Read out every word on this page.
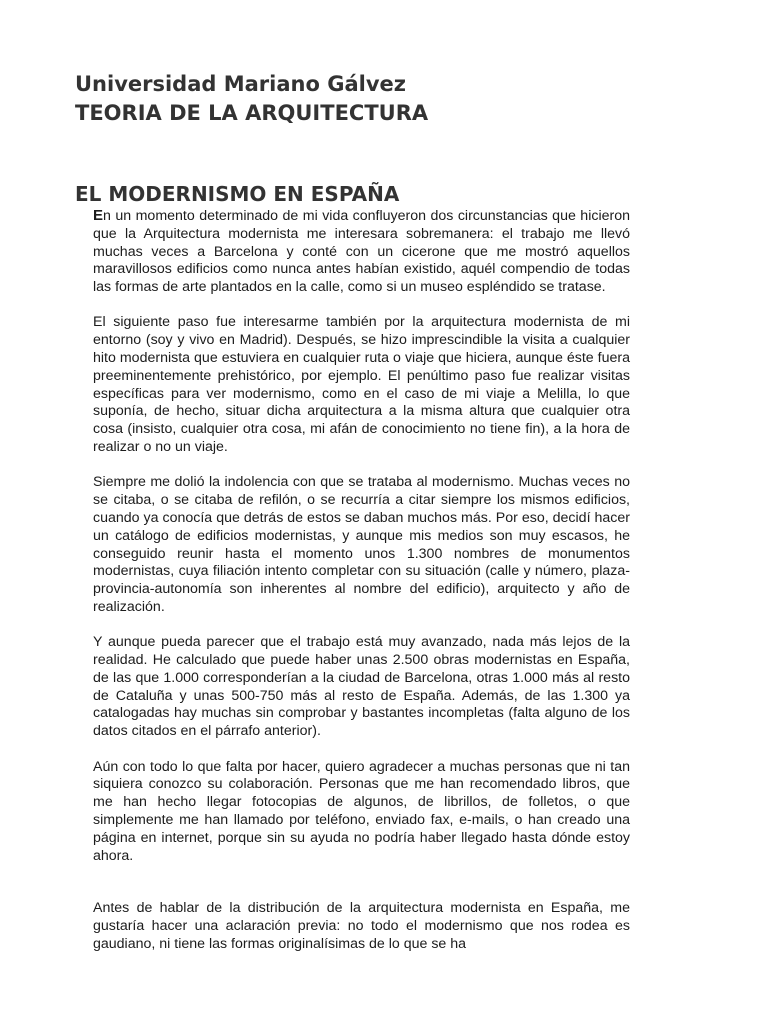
Universidad Mariano Gálvez
TEORIA DE LA ARQUITECTURA
EL MODERNISMO EN ESPAÑA

En un momento determinado de mi vida confluyeron dos circunstancias que hicieron que la Arquitectura modernista me interesara sobremanera: el trabajo me llevó muchas veces a Barcelona y conté con un cicerone que me mostró aquellos maravillosos edificios como nunca antes habían existido, aquél compendio de todas las formas de arte plantados en la calle, como si un museo espléndido se tratase.

El siguiente paso fue interesarme también por la arquitectura modernista de mi entorno (soy y vivo en Madrid). Después, se hizo imprescindible la visita a cualquier hito modernista que estuviera en cualquier ruta o viaje que hiciera, aunque éste fuera preeminentemente prehistórico, por ejemplo. El penúltimo paso fue realizar visitas específicas para ver modernismo, como en el caso de mi viaje a Melilla, lo que suponía, de hecho, situar dicha arquitectura a la misma altura que cualquier otra cosa (insisto, cualquier otra cosa, mi afán de conocimiento no tiene fin), a la hora de realizar o no un viaje.

Siempre me dolió la indolencia con que se trataba al modernismo. Muchas veces no se citaba, o se citaba de refilón, o se recurría a citar siempre los mismos edificios, cuando ya conocía que detrás de estos se daban muchos más. Por eso, decidí hacer un catálogo de edificios modernistas, y aunque mis medios son muy escasos, he conseguido reunir hasta el momento unos 1.300 nombres de monumentos modernistas, cuya filiación intento completar con su situación (calle y número, plaza-provincia-autonomía son inherentes al nombre del edificio), arquitecto y año de realización.

Y aunque pueda parecer que el trabajo está muy avanzado, nada más lejos de la realidad. He calculado que puede haber unas 2.500 obras modernistas en España, de las que 1.000 corresponderían a la ciudad de Barcelona, otras 1.000 más al resto de Cataluña y unas 500-750 más al resto de España. Además, de las 1.300 ya catalogadas hay muchas sin comprobar y bastantes incompletas (falta alguno de los datos citados en el párrafo anterior).

Aún con todo lo que falta por hacer, quiero agradecer a muchas personas que ni tan siquiera conozco su colaboración. Personas que me han recomendado libros, que me han hecho llegar fotocopias de algunos, de librillos, de folletos, o que simplemente me han llamado por teléfono, enviado fax, e-mails, o han creado una página en internet, porque sin su ayuda no podría haber llegado hasta dónde estoy ahora.

Antes de hablar de la distribución de la arquitectura modernista en España, me gustaría hacer una aclaración previa: no todo el modernismo que nos rodea es gaudiano, ni tiene las formas originalísimas de lo que se ha
